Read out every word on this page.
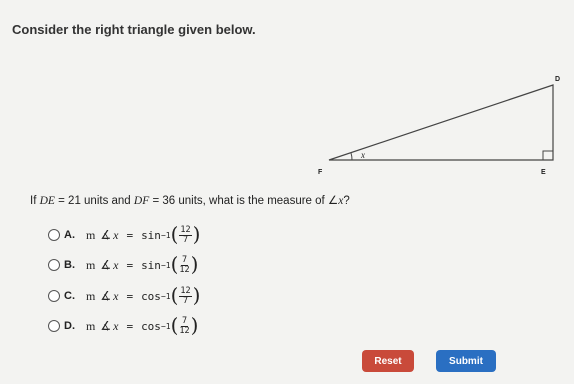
Consider the right triangle given below.

x
D
F	E
If DE = 21 units and DF = 36 units, what is the measure of ∠x?
A. m ∡ x = sin −1 ( $\frac{12}{7}$ )
B. m ∡ x = sin −1 ( $\frac{7}{12}$ )
C. m ∡ x = cos −1 ( $\frac{12}{7}$ )
D. m ∡ x = cos −1 ( $\frac{7}{12}$ )
Reset	Submit
